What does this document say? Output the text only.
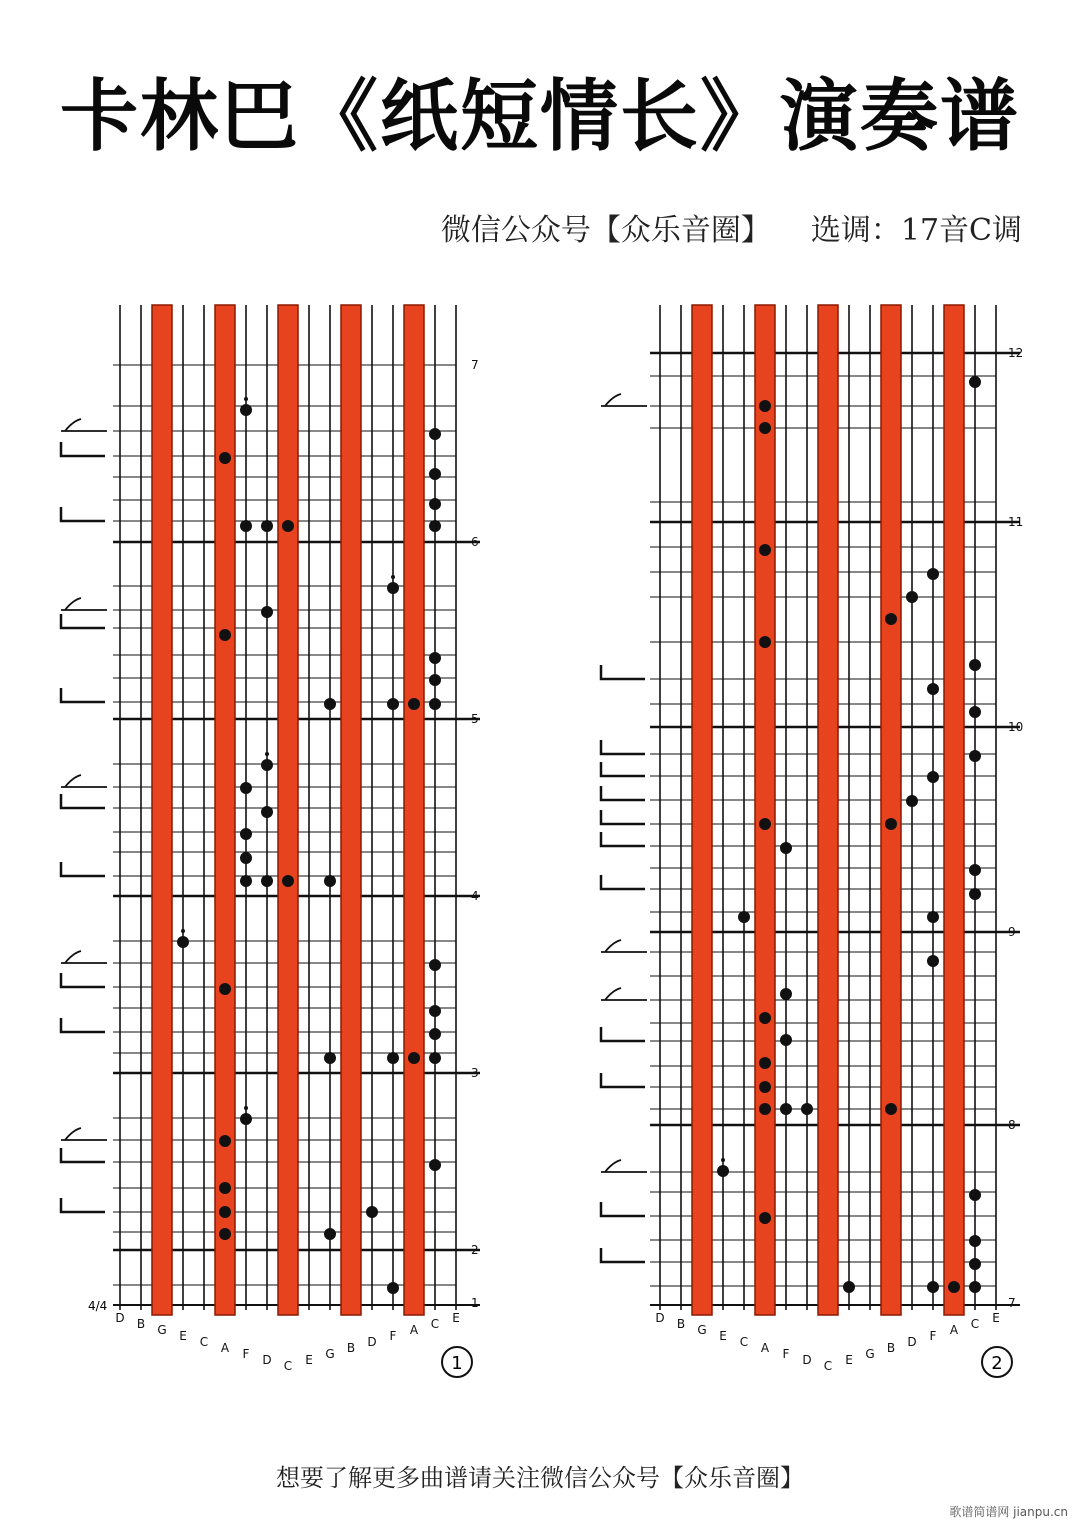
卡林巴《纸短情长》演奏谱
微信公众号【众乐音圈】 选调：17音C调
7
6
5
4
3
2
1
4/4
D B G E C A F D C E G B D F A C E
1
12
11
10
9
8
7
D B G E C A F D C E G B D F A C E
2
想要了解更多曲谱请关注微信公众号【众乐音圈】
歌谱简谱网 jianpu.cn
